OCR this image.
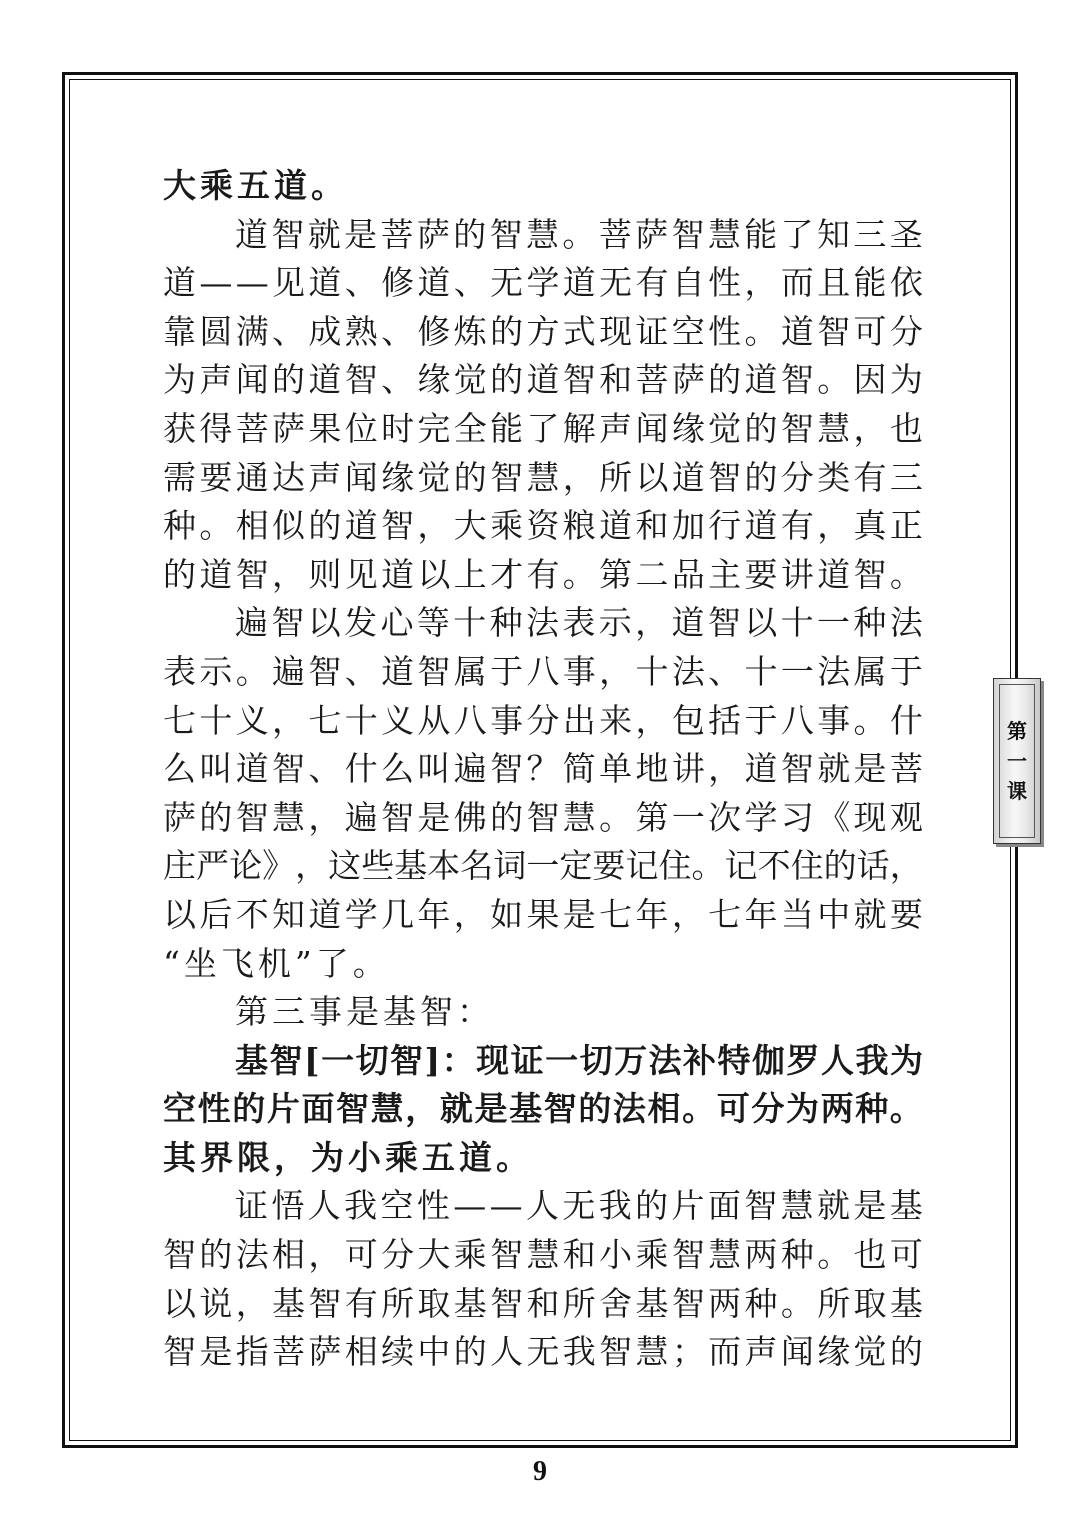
大乘五道。
道 智 就 是 菩 萨 的 智 慧 。 菩 萨 智 慧 能 了 知 三 圣
道 — — 见 道 、 修 道 、 无 学 道 无 有 自 性 ， 而 且 能 依
靠 圆 满 、 成 熟 、 修 炼 的 方 式 现 证 空 性 。 道 智 可 分
为 声 闻 的 道 智 、 缘 觉 的 道 智 和 菩 萨 的 道 智 。 因 为
获 得 菩 萨 果 位 时 完 全 能 了 解 声 闻 缘 觉 的 智 慧 ， 也
需 要 通 达 声 闻 缘 觉 的 智 慧 ， 所 以 道 智 的 分 类 有 三
种 。 相 似 的 道 智 ， 大 乘 资 粮 道 和 加 行 道 有 ， 真 正
的 道 智 ， 则 见 道 以 上 才 有 。 第 二 品 主 要 讲 道 智 。
遍 智 以 发 心 等 十 种 法 表 示 ， 道 智 以 十 一 种 法
表 示 。 遍 智 、 道 智 属 于 八 事 ， 十 法 、 十 一 法 属 于
七 十 义 ， 七 十 义 从 八 事 分 出 来 ， 包 括 于 八 事 。 什
么 叫 道 智 、 什 么 叫 遍 智 ？ 简 单 地 讲 ， 道 智 就 是 菩
萨 的 智 慧 ， 遍 智 是 佛 的 智 慧 。 第 一 次 学 习 《 现 观
庄 严 论 》 ， 这 些 基 本 名 词 一 定 要 记 住 。 记 不 住 的 话 ，
以 后 不 知 道 学 几 年 ， 如 果 是 七 年 ， 七 年 当 中 就 要
“坐飞机”了。
第三事是基智：
基 智 [ 一 切 智 ] ： 现 证 一 切 万 法 补 特 伽 罗 人 我 为
空 性 的 片 面 智 慧 ， 就 是 基 智 的 法 相 。 可 分 为 两 种 。
其界限，为小乘五道。
证 悟 人 我 空 性 — — 人 无 我 的 片 面 智 慧 就 是 基
智 的 法 相 ， 可 分 大 乘 智 慧 和 小 乘 智 慧 两 种 。 也 可
以 说 ， 基 智 有 所 取 基 智 和 所 舍 基 智 两 种 。 所 取 基
智 是 指 菩 萨 相 续 中 的 人 无 我 智 慧 ； 而 声 闻 缘 觉 的
第
一
课
9
